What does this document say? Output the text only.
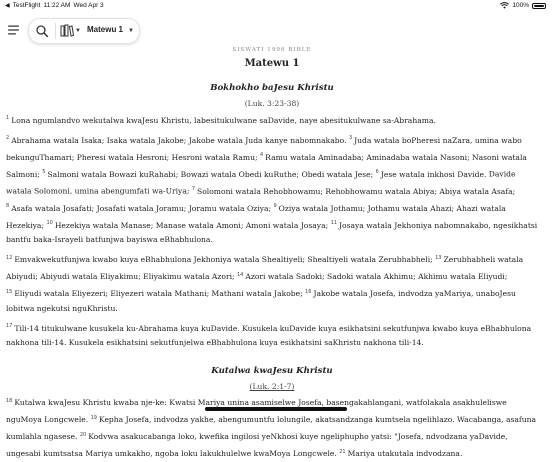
◀ TestFlight 11:22 AM Wed Apr 3	100%
▼ Matewu 1 ▼
SISWATI 1996 BIBLE
Matewu 1
Bokhokho baJesu Khristu
(Luk. 3:23-38)
$^1$ Lona ngumlandvo wekutalwa kwaJesu Khristu, labesitukulwane saDavide, naye abesitukulwane sa-Abrahama.
$^2$ Abrahama watala Isaka; Isaka watala Jakobe; Jakobe watala Juda kanye nabomnakabo. $^3$ Juda watala boPheresi naZara, umina wabo bekunguThamari; Pheresi watala Hesroni; Hesroni watala Ramu; $^4$ Ramu watala Aminadaba; Aminadaba watala Nasoni; Nasoni watala Salmoni; $^5$ Salmoni watala Bowazi kuRahabi; Bowazi watala Obedi kuRuthe; Obedi watala Jese; $^6$ Jese watala inkhosi Davide. Davide watala Solomoni, umina abengumfati wa-Uriya; $^7$ Solomoni watala Rehobhowamu; Rehobhowamu watala Abiya; Abiya watala Asafa; $^8$ Asafa watala Josafati; Josafati watala Joramu; Joramu watala Oziya; $^9$ Oziya watala Jothamu; Jothamu watala Ahazi; Ahazi watala Hezekiya; $^{10}$ Hezekiya watala Manase; Manase watala Amoni; Amoni watala Josaya; $^{11}$ Josaya watala Jekhoniya nabomnakabo, ngesikhatsi bantfu baka-Israyeli batfunjwa bayiswa eBhabhulona.
$^{12}$ Emvakwekutfunjwa kwabo kuya eBhabhulona Jekhoniya watala Shealtiyeli; Shealtiyeli watala Zerubhabheli; $^{13}$ Zerubhabheli watala Abiyudi; Abiyudi watala Eliyakimu; Eliyakimu watala Azori; $^{14}$ Azori watala Sadoki; Sadoki watala Akhimu; Akhimu watala Eliyudi; $^{15}$ Eliyudi watala Eliyezeri; Eliyezeri watala Mathani; Mathani watala Jakobe; $^{16}$ Jakobe watala Josefa, indvodza yaMariya, unaboJesu lobitwa ngekutsi nguKhristu.
$^{17}$ Tili-14 titukulwane kusukela ku-Abrahama kuya kuDavide. Kusukela kuDavide kuya esikhatsini sekutfunjwa kwabo kuya eBhabhulona nakhona tili-14. Kusukela esikhatsini sekutfunjelwa eBhabhulona kuya esikhatsini saKhristu nakhona tili-14.
Kutalwa kwaJesu Khristu
(Luk. 2:1-7)
$^{18}$ Kutalwa kwaJesu Khristu kwaba nje-ke: Kwatsi Mariya unina asamiselwe Josefa, basengakahlangani, watfolakala asakhuleliswe nguMoya Longcwele. $^{19}$ Kepha Josefa, indvodza yakhe, abengumuntfu lolungile, akatsandzanga kumtsela ngelihlazo. Wacabanga, asafuna kumlahla ngasese. $^{20}$ Kodvwa asakucabanga loko, kwefika ingilosi yeNkhosi kuye ngeliphupho yatsi: "Josefa, ndvodzana yaDavide, ungesabi kumtsatsa Mariya umkakho, ngoba loku lakukhulelwe kwaMoya Longcwele. $^{21}$ Mariya utakutala indvodzana.
